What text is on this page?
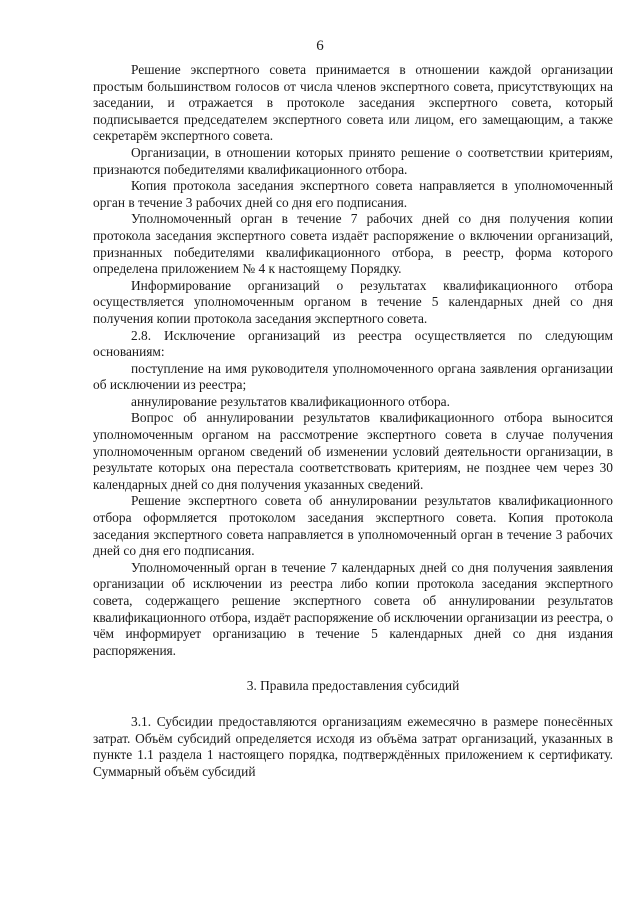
6

Решение экспертного совета принимается в отношении каждой организации простым большинством голосов от числа членов экспертного совета, присутствующих на заседании, и отражается в протоколе заседания экспертного совета, который подписывается председателем экспертного совета или лицом, его замещающим, а также секретарём экспертного совета.

Организации, в отношении которых принято решение о соответствии критериям, признаются победителями квалификационного отбора.

Копия протокола заседания экспертного совета направляется в уполномоченный орган в течение 3 рабочих дней со дня его подписания.

Уполномоченный орган в течение 7 рабочих дней со дня получения копии протокола заседания экспертного совета издаёт распоряжение о включении организаций, признанных победителями квалификационного отбора, в реестр, форма которого определена приложением № 4 к настоящему Порядку.

Информирование организаций о результатах квалификационного отбора осуществляется уполномоченным органом в течение 5 календарных дней со дня получения копии протокола заседания экспертного совета.

2.8. Исключение организаций из реестра осуществляется по следующим основаниям:

поступление на имя руководителя уполномоченного органа заявления организации об исключении из реестра;

аннулирование результатов квалификационного отбора.

Вопрос об аннулировании результатов квалификационного отбора выносится уполномоченным органом на рассмотрение экспертного совета в случае получения уполномоченным органом сведений об изменении условий деятельности организации, в результате которых она перестала соответствовать критериям, не позднее чем через 30 календарных дней со дня получения указанных сведений.

Решение экспертного совета об аннулировании результатов квалификационного отбора оформляется протоколом заседания экспертного совета. Копия протокола заседания экспертного совета направляется в уполномоченный орган в течение 3 рабочих дней со дня его подписания.

Уполномоченный орган в течение 7 календарных дней со дня получения заявления организации об исключении из реестра либо копии протокола заседания экспертного совета, содержащего решение экспертного совета об аннулировании результатов квалификационного отбора, издаёт распоряжение об исключении организации из реестра, о чём информирует организацию в течение 5 календарных дней со дня издания распоряжения.

3. Правила предоставления субсидий

3.1. Субсидии предоставляются организациям ежемесячно в размере понесённых затрат. Объём субсидий определяется исходя из объёма затрат организаций, указанных в пункте 1.1 раздела 1 настоящего порядка, подтверждённых приложением к сертификату. Суммарный объём субсидий
